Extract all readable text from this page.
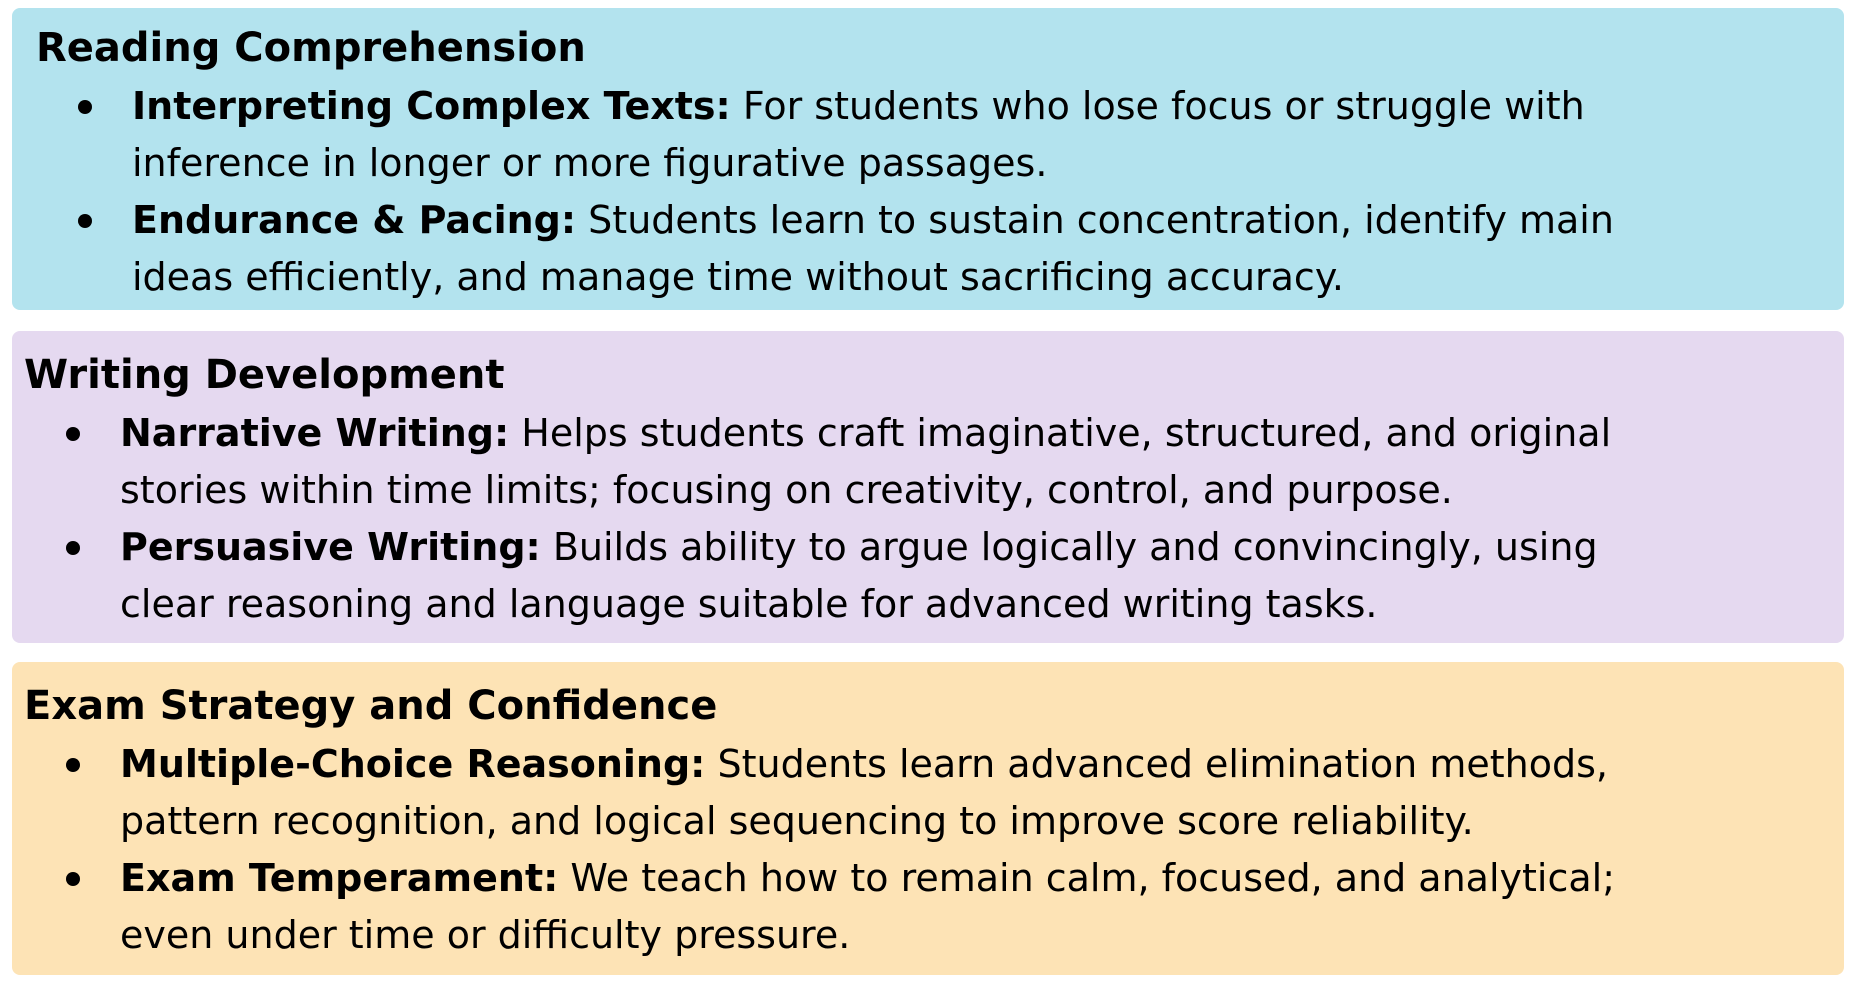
Reading Comprehension
Interpreting Complex Texts: For students who lose focus or struggle with
inference in longer or more figurative passages.
Endurance & Pacing: Students learn to sustain concentration, identify main
ideas efficiently, and manage time without sacrificing accuracy.
Writing Development
Narrative Writing: Helps students craft imaginative, structured, and original
stories within time limits; focusing on creativity, control, and purpose.
Persuasive Writing: Builds ability to argue logically and convincingly, using
clear reasoning and language suitable for advanced writing tasks.
Exam Strategy and Confidence
Multiple-Choice Reasoning: Students learn advanced elimination methods,
pattern recognition, and logical sequencing to improve score reliability.
Exam Temperament: We teach how to remain calm, focused, and analytical;
even under time or difficulty pressure.
